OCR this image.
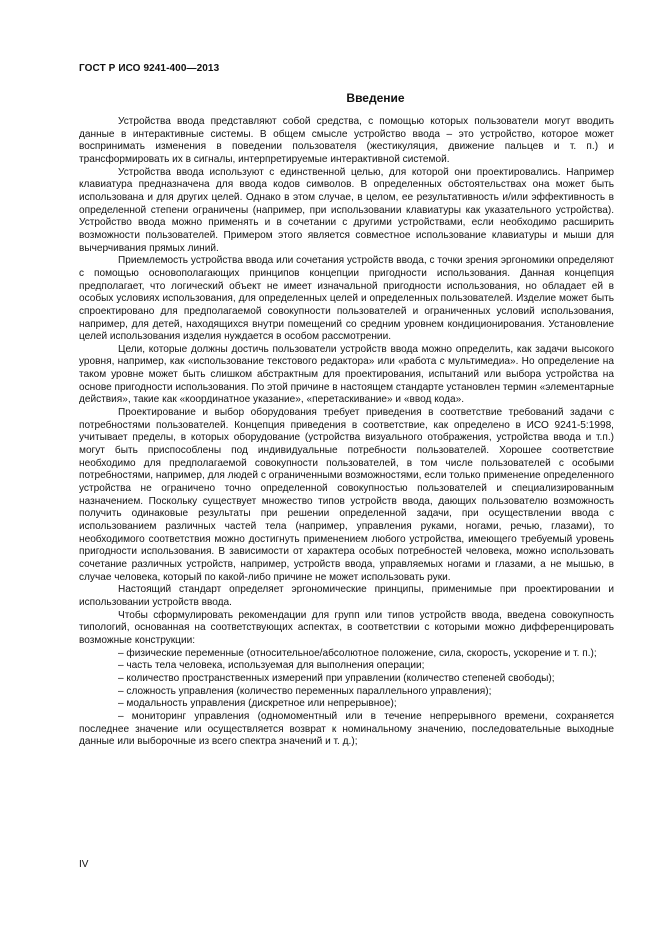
ГОСТ Р ИСО 9241-400—2013
Введение

Устройства ввода представляют собой средства, с помощью которых пользователи могут вводить данные в интерактивные системы. В общем смысле устройство ввода – это устройство, которое может воспринимать изменения в поведении пользователя (жестикуляция, движение пальцев и т. п.) и трансформировать их в сигналы, интерпретируемые интерактивной системой.

Устройства ввода используют с единственной целью, для которой они проектировались. Например клавиатура предназначена для ввода кодов символов. В определенных обстоятельствах она может быть использована и для других целей. Однако в этом случае, в целом, ее результативность и/или эффективность в определенной степени ограничены (например, при использовании клавиатуры как указательного устройства). Устройство ввода можно применять и в сочетании с другими устройствами, если необходимо расширить возможности пользователей. Примером этого является совместное использование клавиатуры и мыши для вычерчивания прямых линий.

Приемлемость устройства ввода или сочетания устройств ввода, с точки зрения эргономики определяют с помощью основополагающих принципов концепции пригодности использования. Данная концепция предполагает, что логический объект не имеет изначальной пригодности использования, но обладает ей в особых условиях использования, для определенных целей и определенных пользователей. Изделие может быть спроектировано для предполагаемой совокупности пользователей и ограниченных условий использования, например, для детей, находящихся внутри помещений со средним уровнем кондиционирования. Установление целей использования изделия нуждается в особом рассмотрении.

Цели, которые должны достичь пользователи устройств ввода можно определить, как задачи высокого уровня, например, как «использование текстового редактора» или «работа с мультимедиа». Но определение на таком уровне может быть слишком абстрактным для проектирования, испытаний или выбора устройства на основе пригодности использования. По этой причине в настоящем стандарте установлен термин «элементарные действия», такие как «координатное указание», «перетаскивание» и «ввод кода».

Проектирование и выбор оборудования требует приведения в соответствие требований задачи с потребностями пользователей. Концепция приведения в соответствие, как определено в ИСО 9241-5:1998, учитывает пределы, в которых оборудование (устройства визуального отображения, устройства ввода и т.п.) могут быть приспособлены под индивидуальные потребности пользователей. Хорошее соответствие необходимо для предполагаемой совокупности пользователей, в том числе пользователей с особыми потребностями, например, для людей с ограниченными возможностями, если только применение определенного устройства не ограничено точно определенной совокупностью пользователей и специализированным назначением. Поскольку существует множество типов устройств ввода, дающих пользователю возможность получить одинаковые результаты при решении определенной задачи, при осуществлении ввода с использованием различных частей тела (например, управления руками, ногами, речью, глазами), то необходимого соответствия можно достигнуть применением любого устройства, имеющего требуемый уровень пригодности использования. В зависимости от характера особых потребностей человека, можно использовать сочетание различных устройств, например, устройств ввода, управляемых ногами и глазами, а не мышью, в случае человека, который по какой-либо причине не может использовать руки.

Настоящий стандарт определяет эргономические принципы, применимые при проектировании и использовании устройств ввода.

Чтобы сформулировать рекомендации для групп или типов устройств ввода, введена совокупность типологий, основанная на соответствующих аспектах, в соответствии с которыми можно дифференцировать возможные конструкции:

– физические переменные (относительное/абсолютное положение, сила, скорость, ускорение и т. п.);

– часть тела человека, используемая для выполнения операции;

– количество пространственных измерений при управлении (количество степеней свободы);

– сложность управления (количество переменных параллельного управления);

– модальность управления (дискретное или непрерывное);

– мониторинг управления (одномоментный или в течение непрерывного времени, сохраняется последнее значение или осуществляется возврат к номинальному значению, последовательные выходные данные или выборочные из всего спектра значений и т. д.);

IV
